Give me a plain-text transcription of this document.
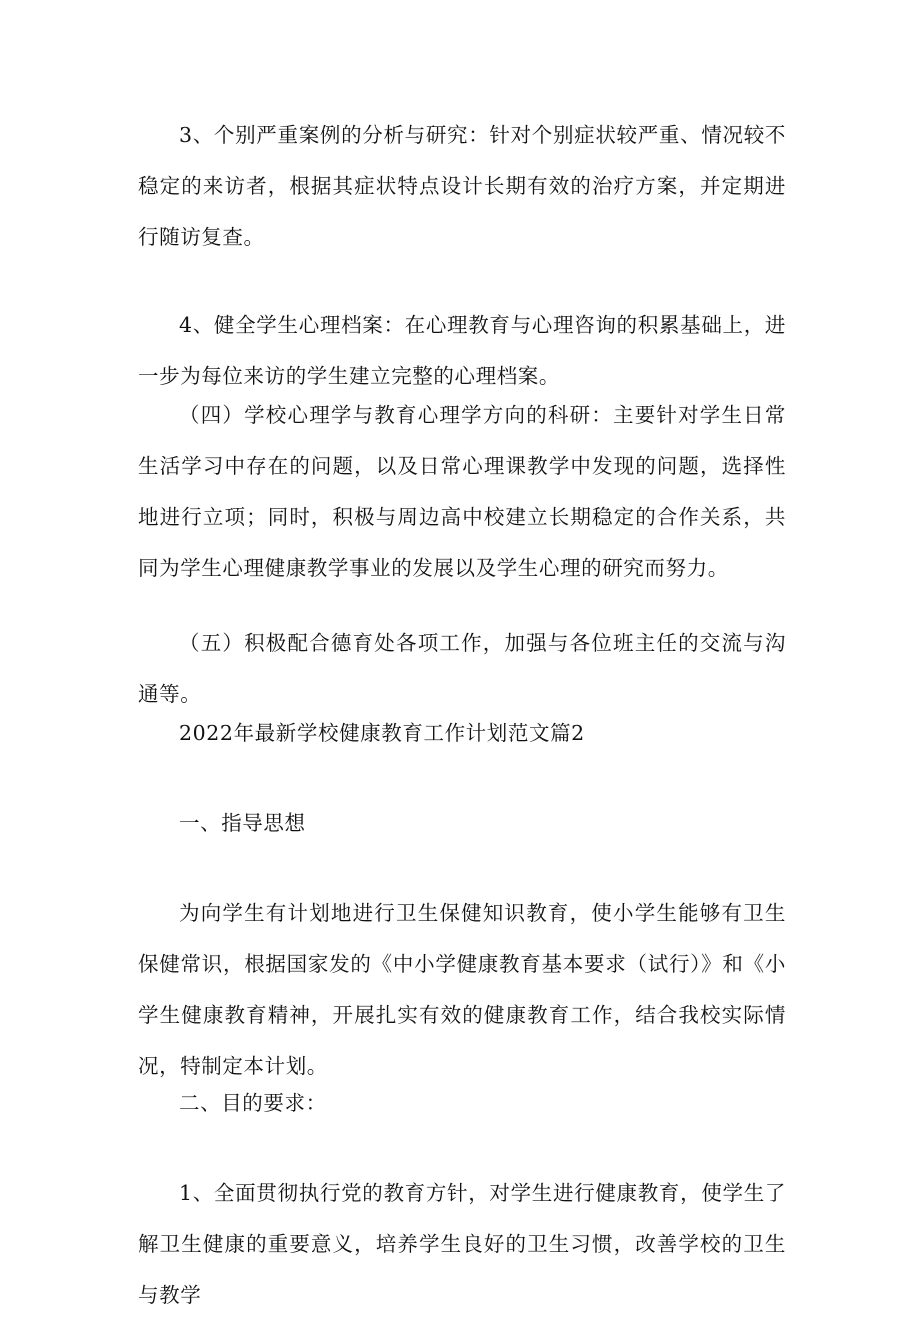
3、个别严重案例的分析与研究：针对个别症状较严重、情况较不稳定的来访者，根据其症状特点设计长期有效的治疗方案，并定期进行随访复查。

4、健全学生心理档案：在心理教育与心理咨询的积累基础上，进一步为每位来访的学生建立完整的心理档案。

（四）学校心理学与教育心理学方向的科研：主要针对学生日常生活学习中存在的问题，以及日常心理课教学中发现的问题，选择性地进行立项；同时，积极与周边高中校建立长期稳定的合作关系，共同为学生心理健康教学事业的发展以及学生心理的研究而努力。

（五）积极配合德育处各项工作，加强与各位班主任的交流与沟通等。

2022年最新学校健康教育工作计划范文篇2

一、指导思想

为向学生有计划地进行卫生保健知识教育，使小学生能够有卫生保健常识，根据国家发的《中小学健康教育基本要求（试行）》和《小学生健康教育精神，开展扎实有效的健康教育工作，结合我校实际情况，特制定本计划。

二、目的要求：

1、全面贯彻执行党的教育方针，对学生进行健康教育，使学生了解卫生健康的重要意义，培养学生良好的卫生习惯，改善学校的卫生与教学
